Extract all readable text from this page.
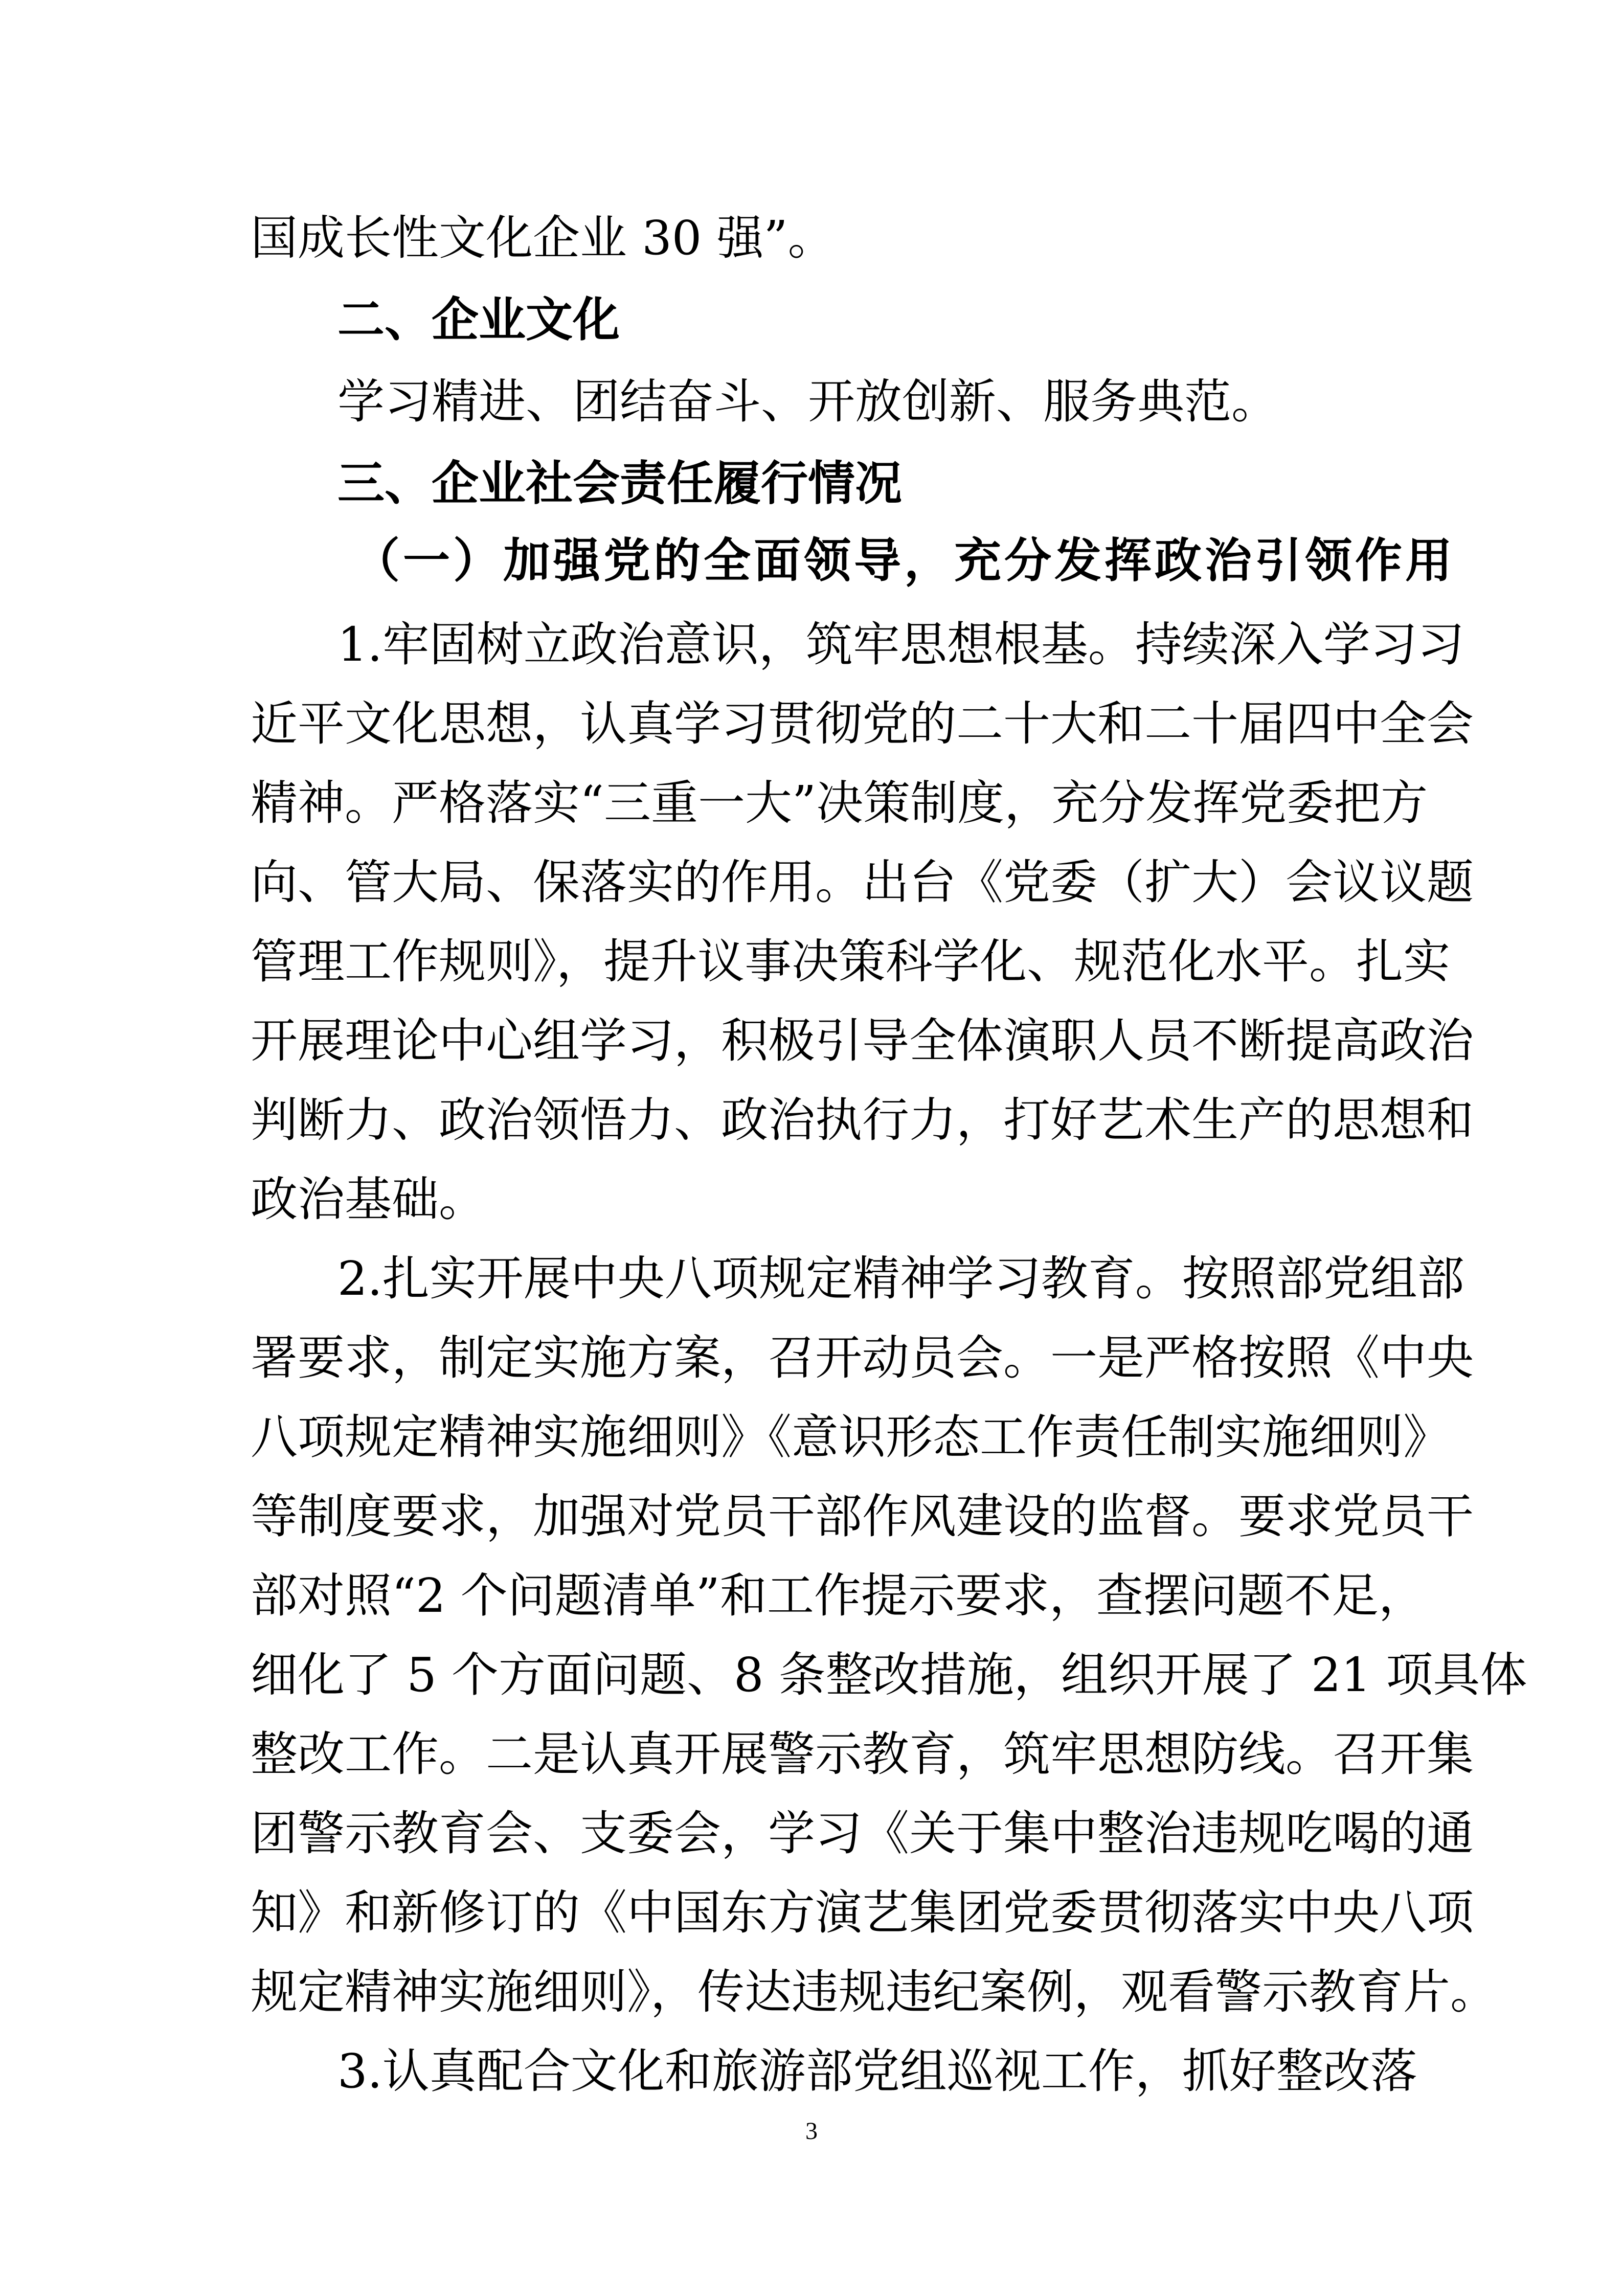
国成长性文化企业 30 强”。
二、企业文化
学习精进、团结奋斗、开放创新、服务典范。
三、企业社会责任履行情况
（一）加强党的全面领导，充分发挥政治引领作用
1.牢固树立政治意识，筑牢思想根基。持续深入学习习
近平文化思想，认真学习贯彻党的二十大和二十届四中全会
精神。严格落实“三重一大”决策制度，充分发挥党委把方
向、管大局、保落实的作用。出台《党委（扩大）会议议题
管理工作规则》，提升议事决策科学化、规范化水平。扎实
开展理论中心组学习，积极引导全体演职人员不断提高政治
判断力、政治领悟力、政治执行力，打好艺术生产的思想和
政治基础。
2.扎实开展中央八项规定精神学习教育。按照部党组部
署要求，制定实施方案，召开动员会。一是严格按照《中央
八项规定精神实施细则》《意识形态工作责任制实施细则》
等制度要求，加强对党员干部作风建设的监督。要求党员干
部对照“2 个问题清单”和工作提示要求，查摆问题不足，
细化了 5 个方面问题、8 条整改措施，组织开展了 21 项具体
整改工作。二是认真开展警示教育，筑牢思想防线。召开集
团警示教育会、支委会，学习《关于集中整治违规吃喝的通
知》和新修订的《中国东方演艺集团党委贯彻落实中央八项
规定精神实施细则》，传达违规违纪案例，观看警示教育片。
3.认真配合文化和旅游部党组巡视工作，抓好整改落
3
